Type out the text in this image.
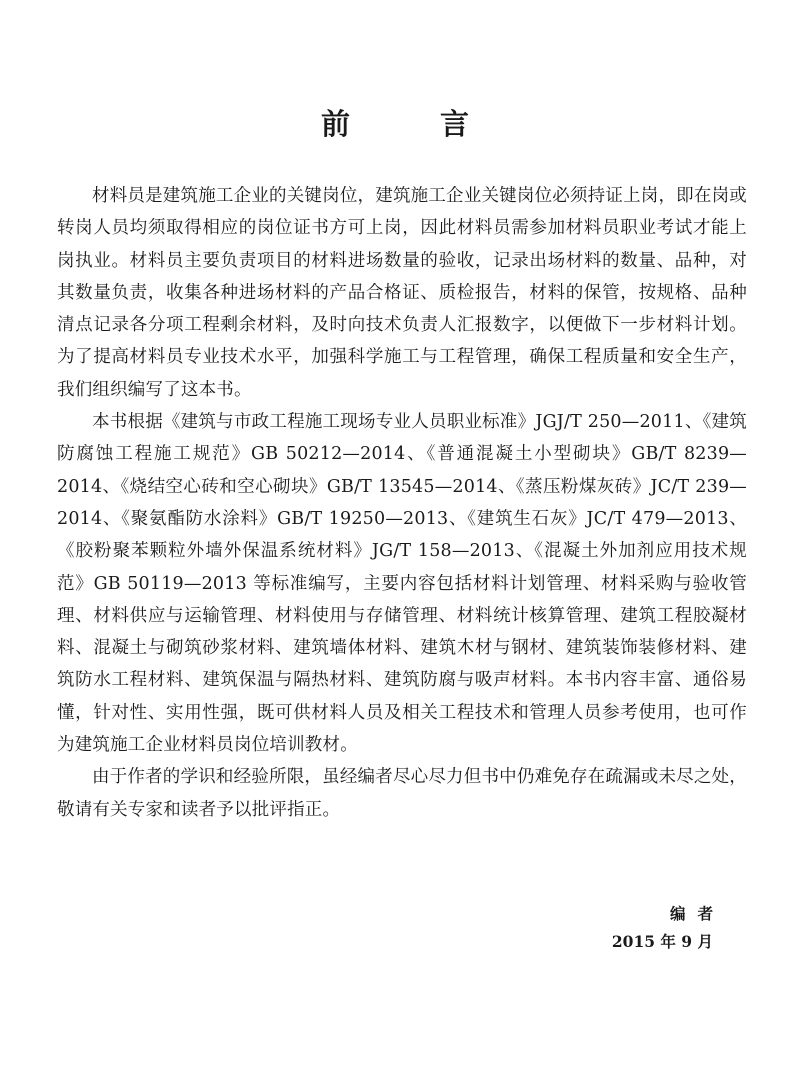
前 言

材料员是建筑施工企业的关键岗位，建筑施工企业关键岗位必须持证上岗，即在岗或转岗人员均须取得相应的岗位证书方可上岗，因此材料员需参加材料员职业考试才能上岗执业。材料员主要负责项目的材料进场数量的验收，记录出场材料的数量、品种，对其数量负责，收集各种进场材料的产品合格证、质检报告，材料的保管，按规格、品种清点记录各分项工程剩余材料，及时向技术负责人汇报数字，以便做下一步材料计划。为了提高材料员专业技术水平，加强科学施工与工程管理，确保工程质量和安全生产，我们组织编写了这本书。

本书根据《建筑与市政工程施工现场专业人员职业标准》JGJ/T 250—2011、《建筑防腐蚀工程施工规范》GB 50212—2014、《普通混凝土小型砌块》GB/T 8239—2014、《烧结空心砖和空心砌块》GB/T 13545—2014、《蒸压粉煤灰砖》JC/T 239—2014、《聚氨酯防水涂料》GB/T 19250—2013、《建筑生石灰》JC/T 479—2013、《胶粉聚苯颗粒外墙外保温系统材料》JG/T 158—2013、《混凝土外加剂应用技术规范》GB 50119—2013 等标准编写，主要内容包括材料计划管理、材料采购与验收管理、材料供应与运输管理、材料使用与存储管理、材料统计核算管理、建筑工程胶凝材料、混凝土与砌筑砂浆材料、建筑墙体材料、建筑木材与钢材、建筑装饰装修材料、建筑防水工程材料、建筑保温与隔热材料、建筑防腐与吸声材料。本书内容丰富、通俗易懂，针对性、实用性强，既可供材料人员及相关工程技术和管理人员参考使用，也可作为建筑施工企业材料员岗位培训教材。

由于作者的学识和经验所限，虽经编者尽心尽力但书中仍难免存在疏漏或未尽之处，敬请有关专家和读者予以批评指正。

编者
2015 年 9 月
